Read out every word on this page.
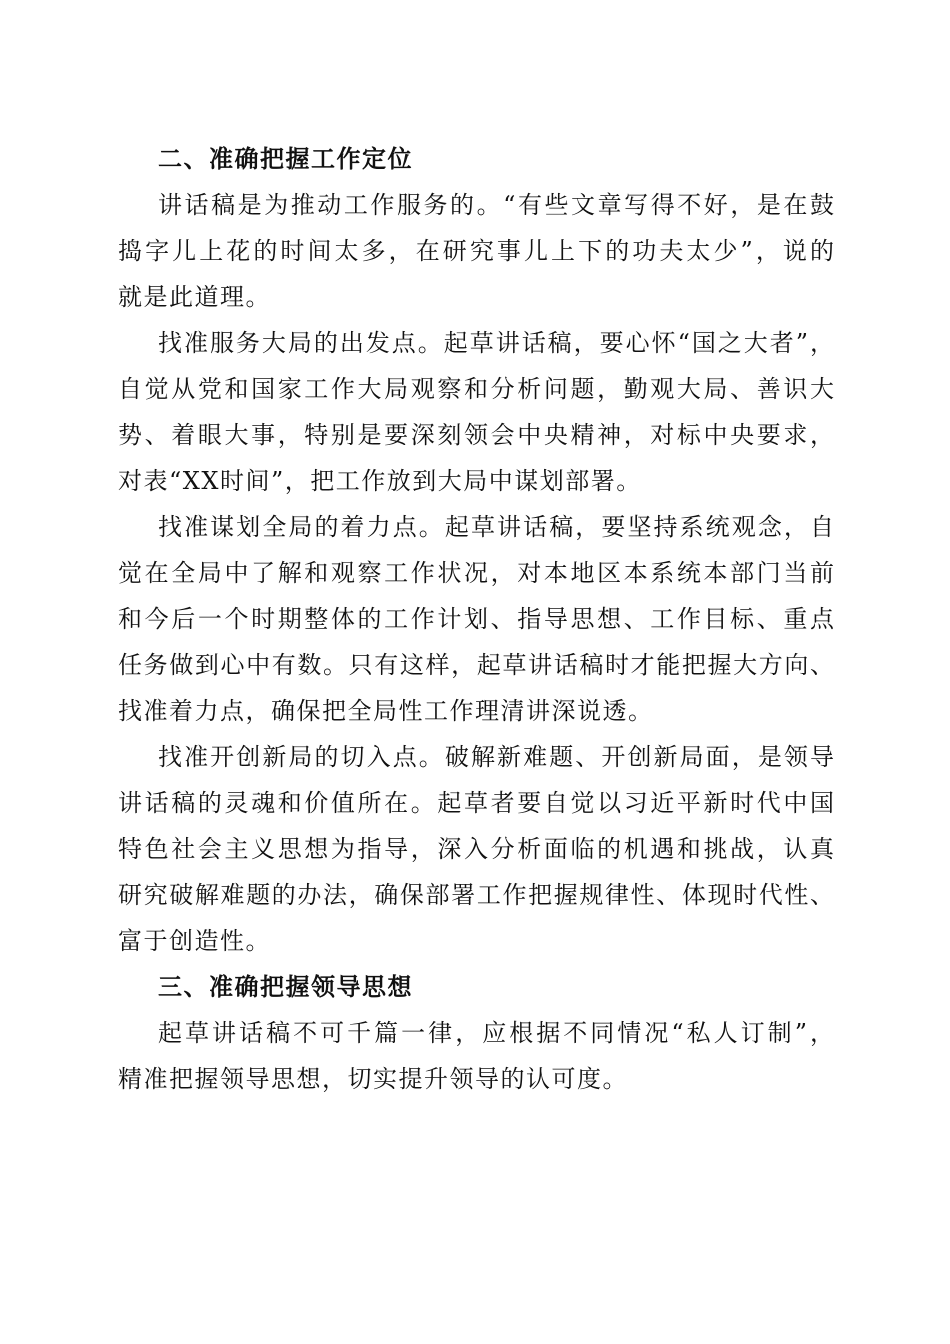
二、准确把握工作定位
讲话稿是为推动工作服务的。“有些文章写得不好，是在鼓
捣字儿上花的时间太多，在研究事儿上下的功夫太少”，说的
就是此道理。
找准服务大局的出发点。起草讲话稿，要心怀“国之大者”，
自觉从党和国家工作大局观察和分析问题，勤观大局、善识大
势、着眼大事，特别是要深刻领会中央精神，对标中央要求，
对表“XX时间”，把工作放到大局中谋划部署。
找准谋划全局的着力点。起草讲话稿，要坚持系统观念，自
觉在全局中了解和观察工作状况，对本地区本系统本部门当前
和今后一个时期整体的工作计划、指导思想、工作目标、重点
任务做到心中有数。只有这样，起草讲话稿时才能把握大方向、
找准着力点，确保把全局性工作理清讲深说透。
找准开创新局的切入点。破解新难题、开创新局面，是领导
讲话稿的灵魂和价值所在。起草者要自觉以习近平新时代中国
特色社会主义思想为指导，深入分析面临的机遇和挑战，认真
研究破解难题的办法，确保部署工作把握规律性、体现时代性、
富于创造性。
三、准确把握领导思想
起草讲话稿不可千篇一律，应根据不同情况“私人订制”，
精准把握领导思想，切实提升领导的认可度。
